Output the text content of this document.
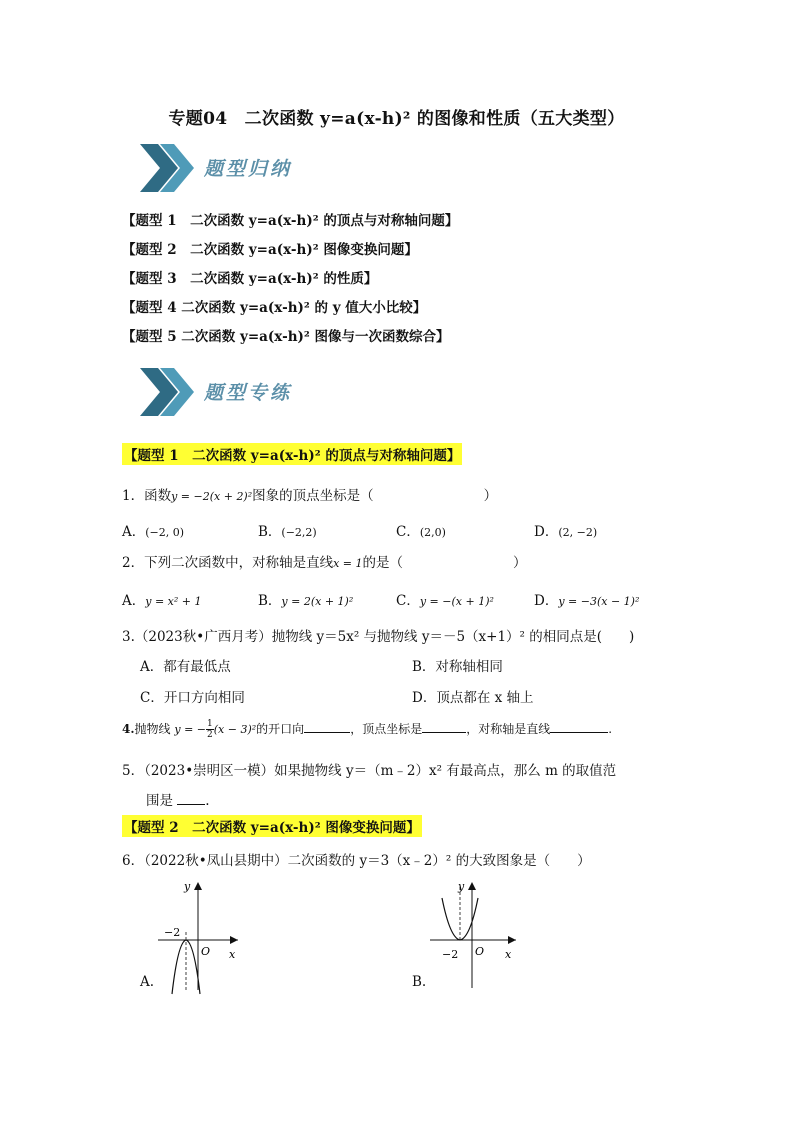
专题04　二次函数 y=a(x-h)² 的图像和性质（五大类型）
题型归纳
【题型 1　二次函数 y=a(x-h)² 的顶点与对称轴问题】
【题型 2　二次函数 y=a(x-h)² 图像变换问题】
【题型 3　二次函数 y=a(x-h)² 的性质】
【题型 4 二次函数 y=a(x-h)² 的 y 值大小比较】
【题型 5 二次函数 y=a(x-h)² 图像与一次函数综合】
题型专练
【题型 1　二次函数 y=a(x-h)² 的顶点与对称轴问题】
1．函数y = −2(x + 2)²图象的顶点坐标是（	）
A．(−2, 0)	B．(−2,2)	C．(2,0)	D．(2, −2)
2．下列二次函数中，对称轴是直线x = 1的是（	）
A．y = x² + 1	B．y = 2(x + 1)²	C．y = −(x + 1)²	D．y = −3(x − 1)²
3.（2023秋•广西月考）抛物线 y＝5x² 与抛物线 y＝－5（x+1）² 的相同点是(　　)
A．都有最低点	B．对称轴相同
C．开口方向相同	D．顶点都在 x 轴上
4.抛物线 y = − $\frac{1}{2} (x - 3)^2$的开口向	，顶点坐标是	，对称轴是直线	.
5．（2023•崇明区一模）如果抛物线 y＝（m﹣2）x² 有最高点，那么 m 的取值范
围是 .
【题型 2　二次函数 y=a(x-h)² 图像变换问题】
6．（2022秋•凤山县期中）二次函数的 y＝3（x﹣2）² 的大致图象是（　　）
y
x
O
−2
A.
y
x
O
−2
B.
